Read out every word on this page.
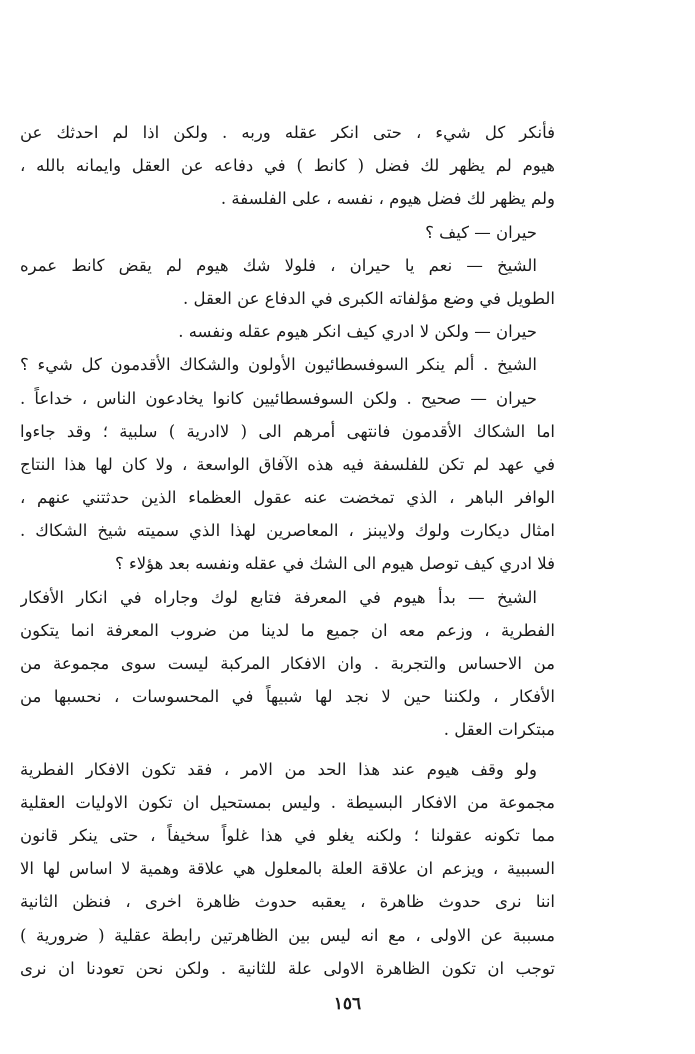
فأنكر كل شيء ، حتى انكر عقله وربه . ولكن اذا لم احدثك عن
هيوم لم يظهر لك فضل ( كانط ) في دفاعه عن العقل وايمانه بالله ،
ولم يظهر لك فضل هيوم ، نفسه ، على الفلسفة .
حيران — كيف ؟
الشيخ — نعم يا حيران ، فلولا شك هيوم لم يقض كانط عمره
الطويل في وضع مؤلفاته الكبرى في الدفاع عن العقل .
حيران — ولكن لا ادري كيف انكر هيوم عقله ونفسه .
الشيخ . ألم ينكر السوفسطائيون الأولون والشكاك الأقدمون كل شيء ؟
حيران — صحيح . ولكن السوفسطائيين كانوا يخادعون الناس ، خداعاً .
اما الشكاك الأقدمون فانتهى أمرهم الى ( لاادرية ) سلبية ؛ وقد جاءوا
في عهد لم تكن للفلسفة فيه هذه الآفاق الواسعة ، ولا كان لها هذا النتاج
الوافر الباهر ، الذي تمخضت عنه عقول العظماء الذين حدثتني عنهم ،
امثال ديكارت ولوك ولايبنز ، المعاصرين لهذا الذي سميته شيخ الشكاك .
فلا ادري كيف توصل هيوم الى الشك في عقله ونفسه بعد هؤلاء ؟
الشيخ — بدأ هيوم في المعرفة فتابع لوك وجاراه في انكار الأفكار
الفطرية ، وزعم معه ان جميع ما لدينا من ضروب المعرفة انما يتكون
من الاحساس والتجربة . وان الافكار المركبة ليست سوى مجموعة من
الأفكار ، ولكننا حين لا نجد لها شبيهاً في المحسوسات ، نحسبها من
مبتكرات العقل .
ولو وقف هيوم عند هذا الحد من الامر ، فقد تكون الافكار الفطرية
مجموعة من الافكار البسيطة . وليس بمستحيل ان تكون الاوليات العقلية
مما تكونه عقولنا ؛ ولكنه يغلو في هذا غلواً سخيفاً ، حتى ينكر قانون
السببية ، ويزعم ان علاقة العلة بالمعلول هي علاقة وهمية لا اساس لها الا
اننا نرى حدوث ظاهرة ، يعقبه حدوث ظاهرة اخرى ، فنظن الثانية
مسببة عن الاولى ، مع انه ليس بين الظاهرتين رابطة عقلية ( ضرورية )
توجب ان تكون الظاهرة الاولى علة للثانية . ولكن نحن تعودنا ان نرى
١٥٦
